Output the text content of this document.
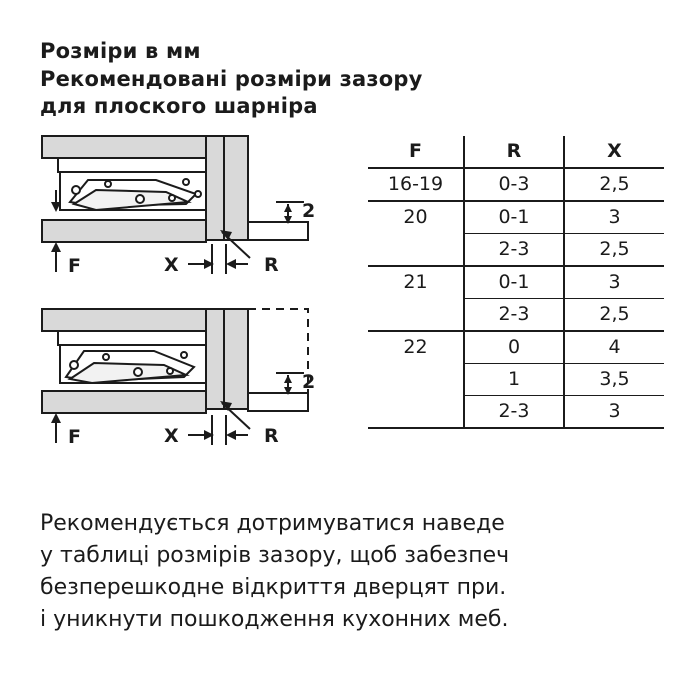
Розміри в мм
Рекомендовані розміри зазору
для плоского шарніра
2
F	X	R
2
F	X	R
F	R	X
16-19	0-3	2,5
20	0-1	3
	2-3	2,5
21	0-1	3
	2-3	2,5
22	0	4
	1	3,5
	2-3	3
Рекомендується дотримуватися наведе
у таблиці розмірів зазору, щоб забезпеч
безперешкодне відкриття дверцят при.
і уникнути пошкодження кухонних меб.
